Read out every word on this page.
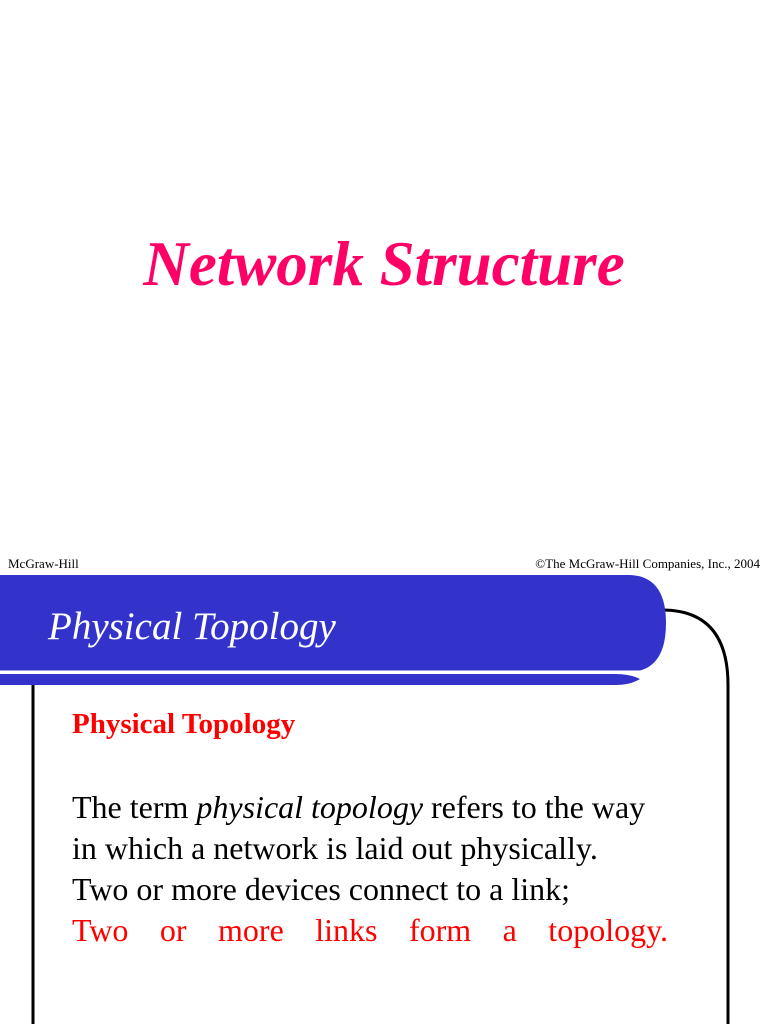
Network Structure
McGraw-Hill	©The McGraw-Hill Companies, Inc., 2004
Physical Topology
Physical Topology

The term physical topology refers to the way

in which a network is laid out physically.

Two or more devices connect to a link;

Two or more links form a topology.
